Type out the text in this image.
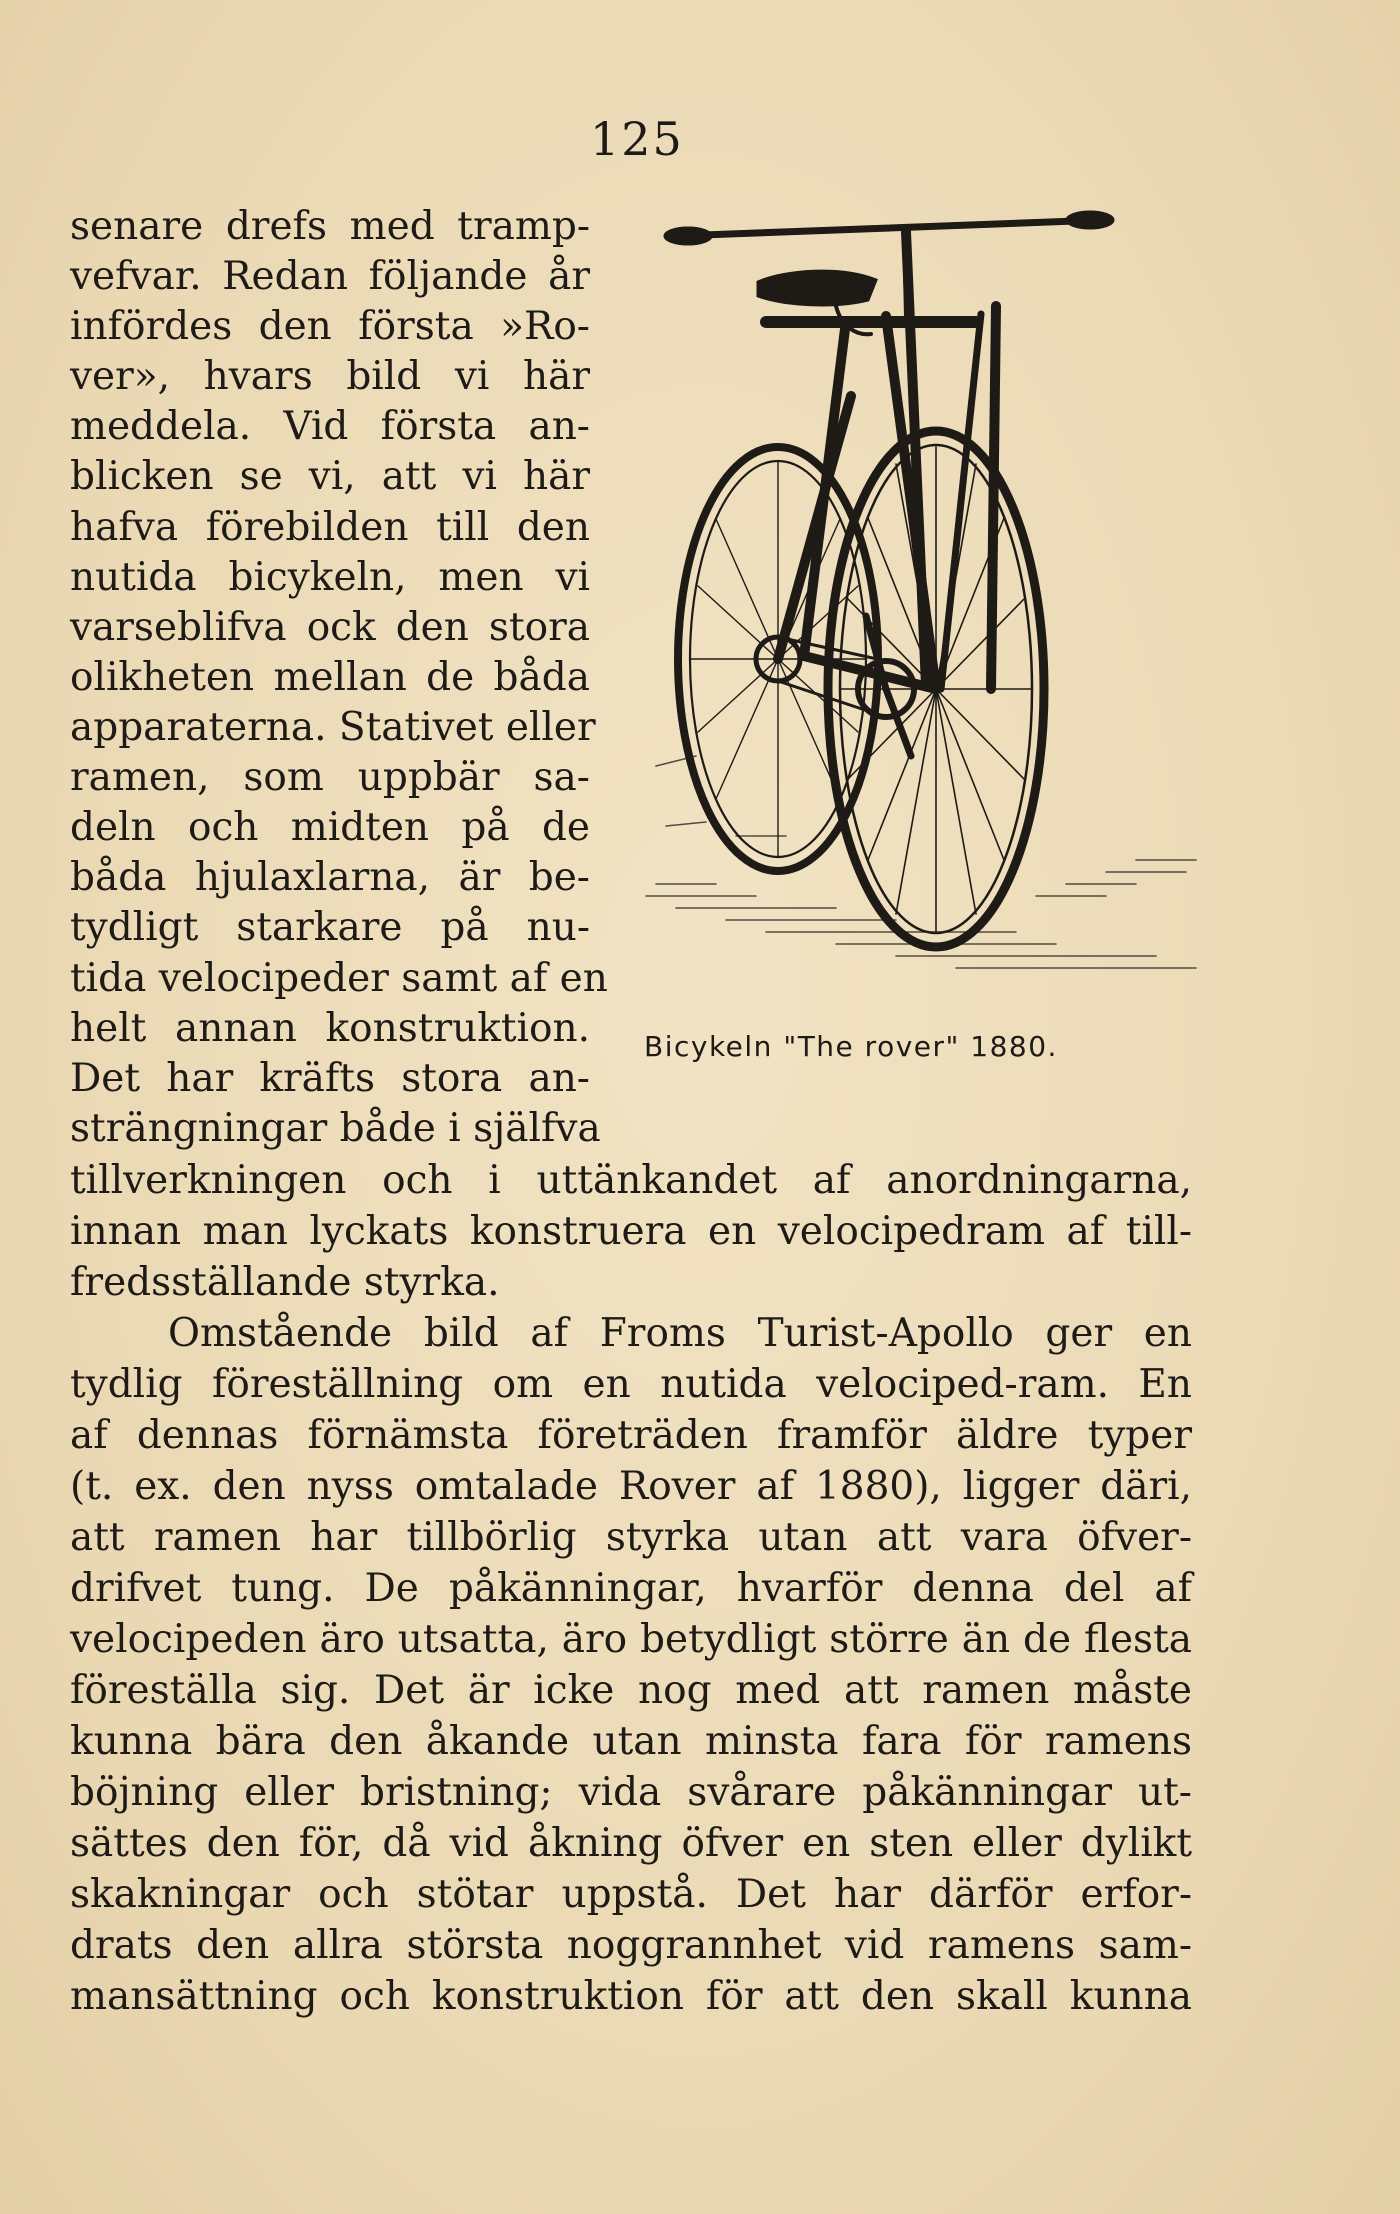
125
senare drefs med tramp-
vefvar. Redan följande år
infördes den första »Ro-
ver», hvars bild vi här
meddela. Vid första an-
blicken se vi, att vi här
hafva förebilden till den
nutida bicykeln, men vi
varseblifva ock den stora
olikheten mellan de båda
apparaterna. Stativet eller
ramen, som uppbär sa-
deln och midten på de
båda hjulaxlarna, är be-
tydligt starkare på nu-
tida velocipeder samt af en
helt annan konstruktion.
Det har kräfts stora an-
strängningar både i själfva
tillverkningen och i uttänkandet af anordningarna,
innan man lyckats konstruera en velocipedram af till-
fredsställande styrka.
Omstående bild af Froms Turist-Apollo ger en
tydlig föreställning om en nutida velociped-ram. En
af dennas förnämsta företräden framför äldre typer
(t. ex. den nyss omtalade Rover af 1880), ligger däri,
att ramen har tillbörlig styrka utan att vara öfver-
drifvet tung. De påkänningar, hvarför denna del af
velocipeden äro utsatta, äro betydligt större än de flesta
föreställa sig. Det är icke nog med att ramen måste
kunna bära den åkande utan minsta fara för ramens
böjning eller bristning; vida svårare påkänningar ut-
sättes den för, då vid åkning öfver en sten eller dylikt
skakningar och stötar uppstå. Det har därför erfor-
drats den allra största noggrannhet vid ramens sam-
mansättning och konstruktion för att den skall kunna
Bicykeln "The rover" 1880.
